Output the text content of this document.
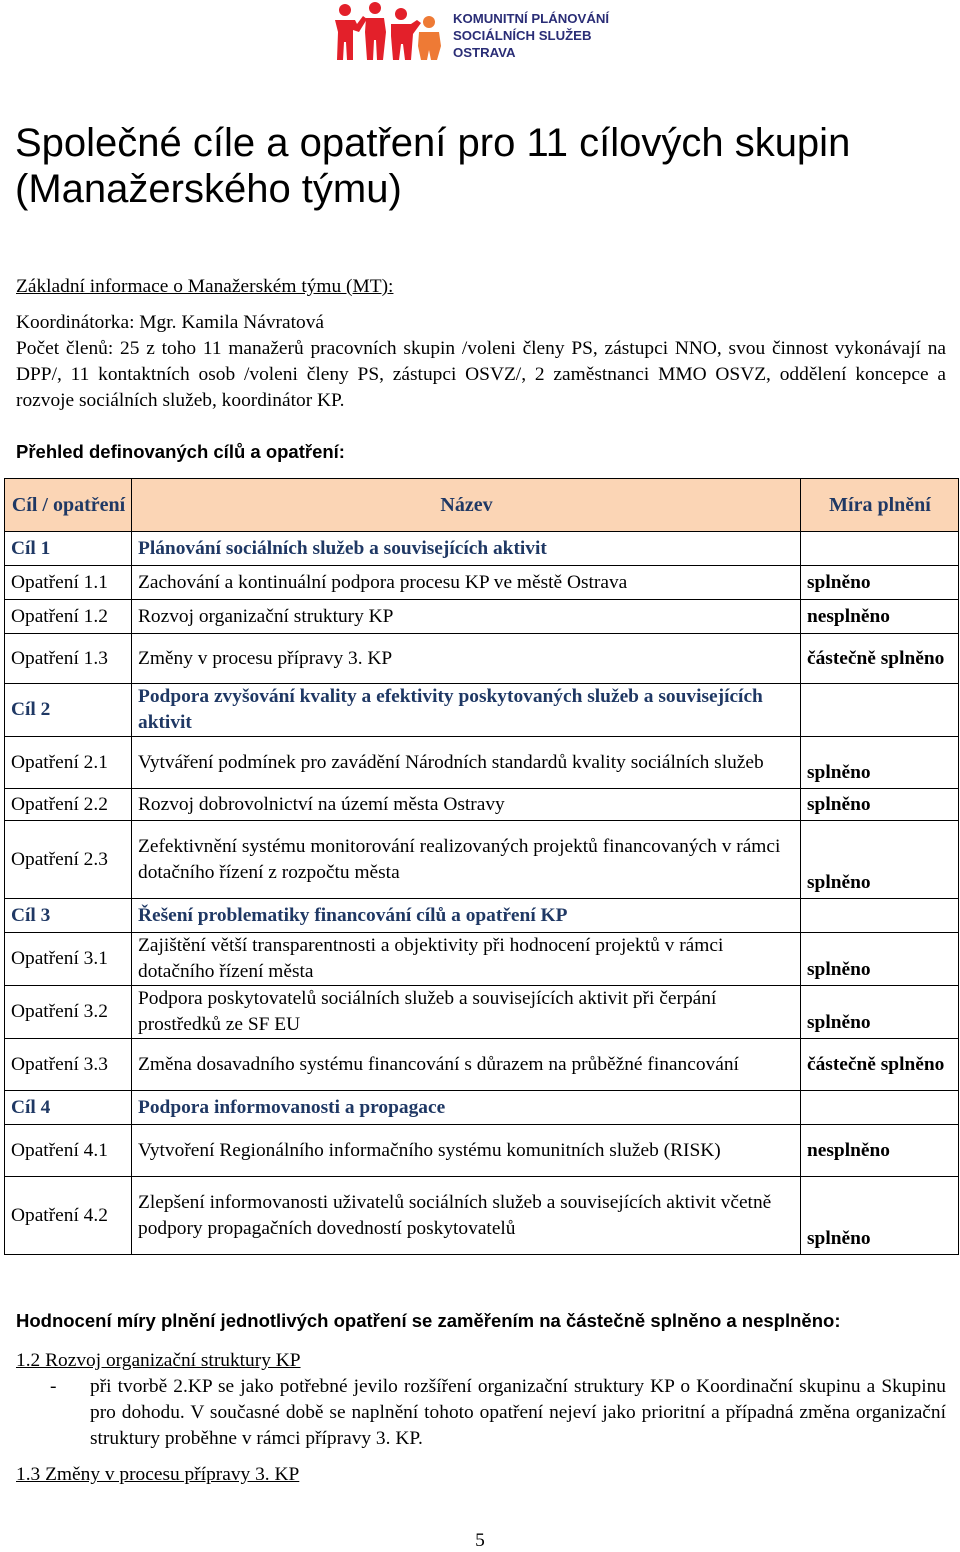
KOMUNITNÍ PLÁNOVÁNÍ
SOCIÁLNÍCH SLUŽEB
OSTRAVA
Společné cíle a opatření pro 11 cílových skupin
(Manažerského týmu)

Základní informace o Manažerském týmu (MT):

Koordinátorka: Mgr. Kamila Návratová

Počet členů: 25 z toho 11 manažerů pracovních skupin /voleni členy PS, zástupci NNO, svou činnost vykonávají na DPP/, 11 kontaktních osob /voleni členy PS, zástupci OSVZ/, 2 zaměstnanci MMO OSVZ, oddělení koncepce a rozvoje sociálních služeb, koordinátor KP.

Přehled definovaných cílů a opatření:
Cíl / opatření	Název	Míra plnění
Cíl 1	Plánování sociálních služeb a souvisejících aktivit	
Opatření 1.1	Zachování a kontinuální podpora procesu KP ve městě Ostrava	splněno
Opatření 1.2	Rozvoj organizační struktury KP	nesplněno
Opatření 1.3	Změny v procesu přípravy 3. KP	částečně splněno
Cíl 2	Podpora zvyšování kvality a efektivity poskytovaných služeb a souvisejících aktivit	
Opatření 2.1	Vytváření podmínek pro zavádění Národních standardů kvality sociálních služeb	splněno
Opatření 2.2	Rozvoj dobrovolnictví na území města Ostravy	splněno
Opatření 2.3	Zefektivnění systému monitorování realizovaných projektů financovaných v rámci dotačního řízení z rozpočtu města	splněno
Cíl 3	Řešení problematiky financování cílů a opatření KP	
Opatření 3.1	Zajištění větší transparentnosti a objektivity při hodnocení projektů v rámci dotačního řízení města	splněno
Opatření 3.2	Podpora poskytovatelů sociálních služeb a souvisejících aktivit při čerpání prostředků ze SF EU	splněno
Opatření 3.3	Změna dosavadního systému financování s důrazem na průběžné financování	částečně splněno
Cíl 4	Podpora informovanosti a propagace	
Opatření 4.1	Vytvoření Regionálního informačního systému komunitních služeb (RISK)	nesplněno
Opatření 4.2	Zlepšení informovanosti uživatelů sociálních služeb a souvisejících aktivit včetně podpory propagačních dovedností poskytovatelů	splněno
Hodnocení míry plnění jednotlivých opatření se zaměřením na částečně splněno a nesplněno:

1.2 Rozvoj organizační struktury KP

-	při tvorbě 2.KP se jako potřebné jevilo rozšíření organizační struktury KP o Koordinační skupinu a Skupinu pro dohodu. V současné době se naplnění tohoto opatření nejeví jako prioritní a případná změna organizační struktury proběhne v rámci přípravy 3. KP.

1.3 Změny v procesu přípravy 3. KP

5
